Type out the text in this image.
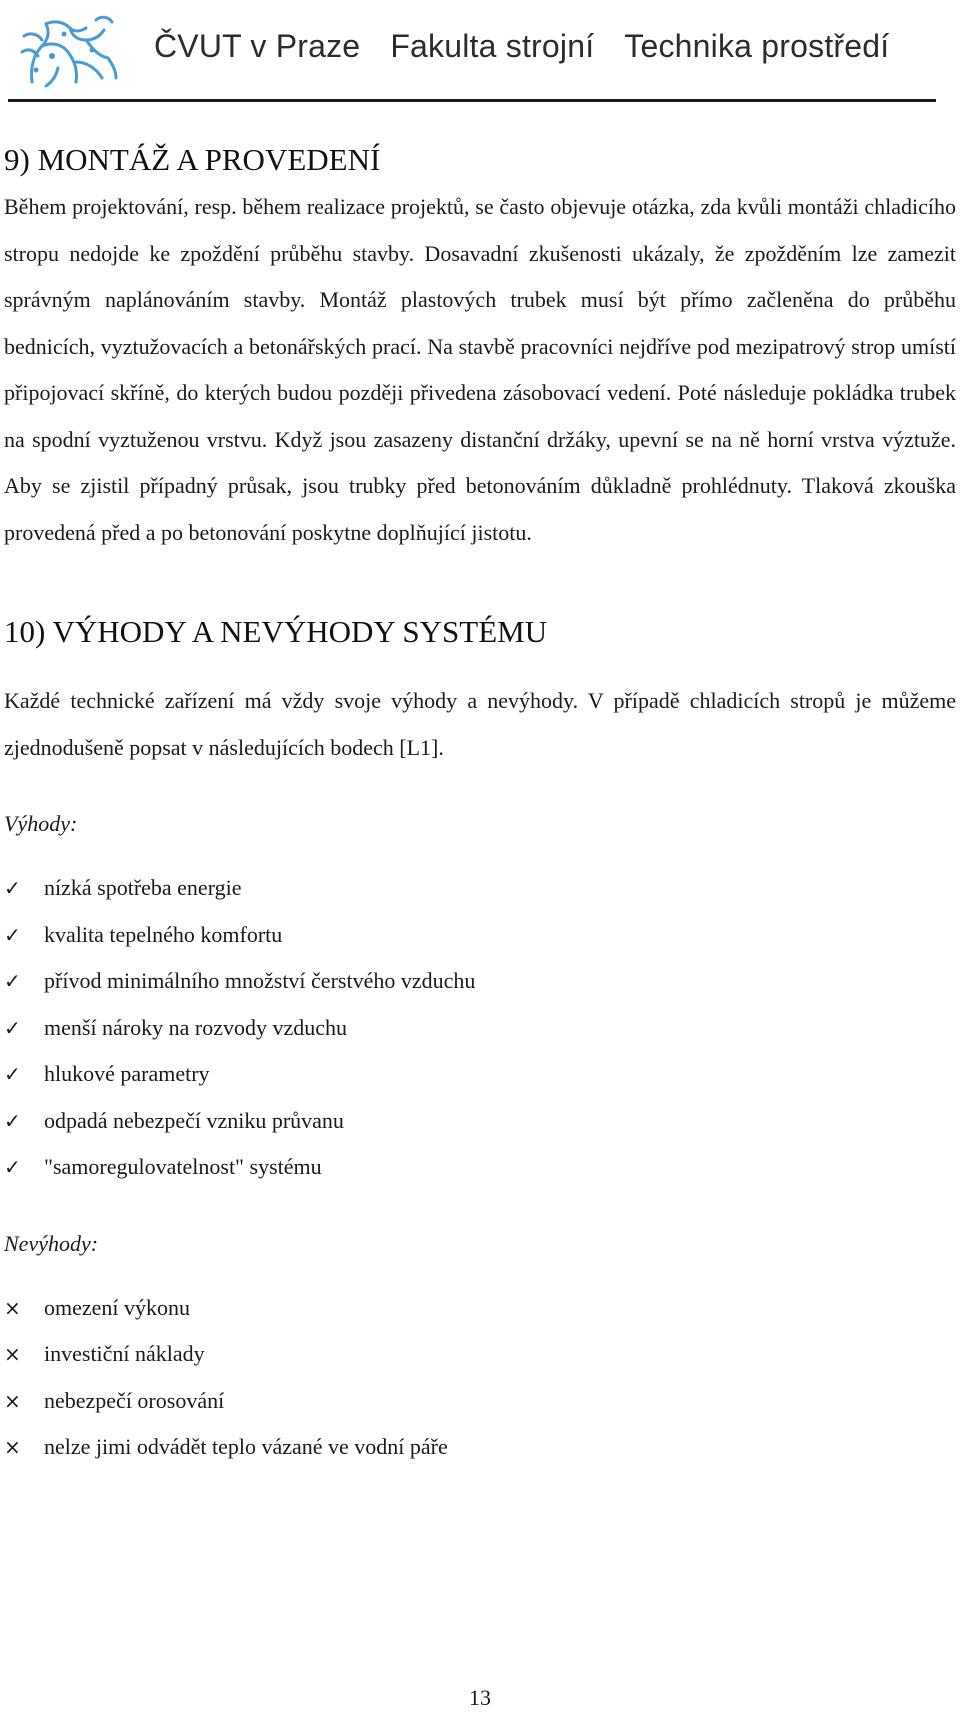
ČVUT v Praze Fakulta strojní Technika prostředí
9) MONTÁŽ A PROVEDENÍ

Během projektování, resp. během realizace projektů, se často objevuje otázka, zda kvůli montáži chladicího stropu nedojde ke zpoždění průběhu stavby. Dosavadní zkušenosti ukázaly, že zpožděním lze zamezit správným naplánováním stavby. Montáž plastových trubek musí být přímo začleněna do průběhu bednicích, vyztužovacích a betonářských prací. Na stavbě pracovníci nejdříve pod mezipatrový strop umístí připojovací skříně, do kterých budou později přivedena zásobovací vedení. Poté následuje pokládka trubek na spodní vyztuženou vrstvu. Když jsou zasazeny distanční držáky, upevní se na ně horní vrstva výztuže. Aby se zjistil případný průsak, jsou trubky před betonováním důkladně prohlédnuty. Tlaková zkouška provedená před a po betonování poskytne doplňující jistotu.

10) VÝHODY A NEVÝHODY SYSTÉMU

Každé technické zařízení má vždy svoje výhody a nevýhody. V případě chladicích stropů je můžeme zjednodušeně popsat v následujících bodech [L1].

Výhody:

✓	nízká spotřeba energie
✓	kvalita tepelného komfortu
✓	přívod minimálního množství čerstvého vzduchu
✓	menší nároky na rozvody vzduchu
✓	hlukové parametry
✓	odpadá nebezpečí vzniku průvanu
✓	"samoregulovatelnost" systému

Nevýhody:

×	omezení výkonu
×	investiční náklady
×	nebezpečí orosování
×	nelze jimi odvádět teplo vázané ve vodní páře
13
